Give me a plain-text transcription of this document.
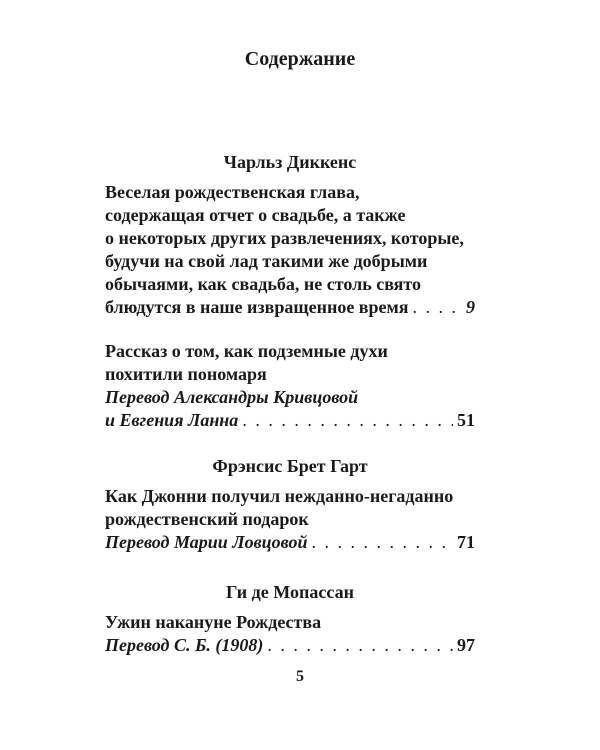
Содержание
Чарльз Диккенс
Веселая рождественская глава,
содержащая отчет о свадьбе, а также
о некоторых других развлечениях, которые,
будучи на свой лад такими же добрыми
обычаями, как свадьба, не столь свято
блюдутся в наше извращенное время . . .	9
Рассказ о том, как подземные духи
похитили пономаря
Перевод Александры Кривцовой
и Евгения Ланна . . .	51
Фрэнсис Брет Гарт
Как Джонни получил нежданно-негаданно
рождественский подарок
Перевод Марии Ловцовой . . .	71
Ги де Мопассан
Ужин накануне Рождества
Перевод С. Б. (1908) . . .	97
5
